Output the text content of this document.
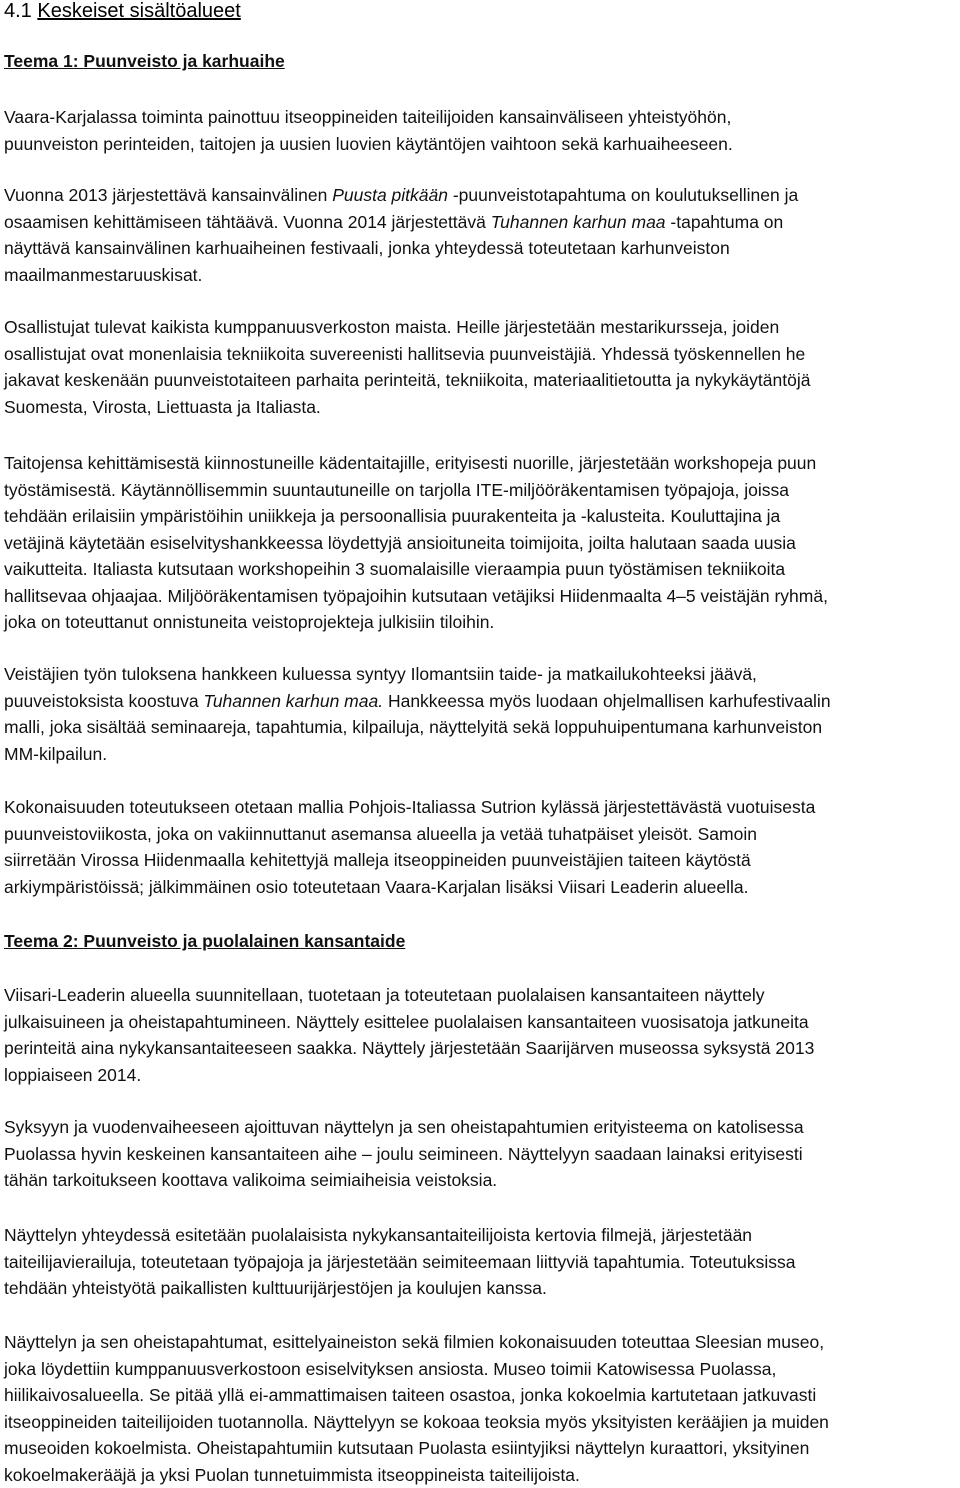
4.1 Keskeiset sisältöalueet
Teema 1: Puunveisto ja karhuaihe
Vaara-Karjalassa toiminta painottuu itseoppineiden taiteilijoiden kansainväliseen yhteistyöhön,
puunveiston perinteiden, taitojen ja uusien luovien käytäntöjen vaihtoon sekä karhuaiheeseen.
Vuonna 2013 järjestettävä kansainvälinen Puusta pitkään -puunveistotapahtuma on koulutuksellinen ja
osaamisen kehittämiseen tähtäävä. Vuonna 2014 järjestettävä Tuhannen karhun maa -tapahtuma on
näyttävä kansainvälinen karhuaiheinen festivaali, jonka yhteydessä toteutetaan karhunveiston
maailmanmestaruuskisat.
Osallistujat tulevat kaikista kumppanuusverkoston maista. Heille järjestetään mestarikursseja, joiden
osallistujat ovat monenlaisia tekniikoita suvereenisti hallitsevia puunveistäjiä. Yhdessä työskennellen he
jakavat keskenään puunveistotaiteen parhaita perinteitä, tekniikoita, materiaalitietoutta ja nykykäytäntöjä
Suomesta, Virosta, Liettuasta ja Italiasta.
Taitojensa kehittämisestä kiinnostuneille kädentaitajille, erityisesti nuorille, järjestetään workshopeja puun
työstämisestä. Käytännöllisemmin suuntautuneille on tarjolla ITE-miljööräkentamisen työpajoja, joissa
tehdään erilaisiin ympäristöihin uniikkeja ja persoonallisia puurakenteita ja -kalusteita. Kouluttajina ja
vetäjinä käytetään esiselvityshankkeessa löydettyjä ansioituneita toimijoita, joilta halutaan saada uusia
vaikutteita. Italiasta kutsutaan workshopeihin 3 suomalaisille vieraampia puun työstämisen tekniikoita
hallitsevaa ohjaajaa. Miljööräkentamisen työpajoihin kutsutaan vetäjiksi Hiidenmaalta 4–5 veistäjän ryhmä,
joka on toteuttanut onnistuneita veistoprojekteja julkisiin tiloihin.
Veistäjien työn tuloksena hankkeen kuluessa syntyy Ilomantsiin taide- ja matkailukohteeksi jäävä,
puuveistoksista koostuva Tuhannen karhun maa. Hankkeessa myös luodaan ohjelmallisen karhufestivaalin
malli, joka sisältää seminaareja, tapahtumia, kilpailuja, näyttelyitä sekä loppuhuipentumana karhunveiston
MM-kilpailun.
Kokonaisuuden toteutukseen otetaan mallia Pohjois-Italiassa Sutrion kylässä järjestettävästä vuotuisesta
puunveistoviikosta, joka on vakiinnuttanut asemansa alueella ja vetää tuhatpäiset yleisöt. Samoin
siirretään Virossa Hiidenmaalla kehitettyjä malleja itseoppineiden puunveistäjien taiteen käytöstä
arkiympäristöissä; jälkimmäinen osio toteutetaan Vaara-Karjalan lisäksi Viisari Leaderin alueella.
Teema 2: Puunveisto ja puolalainen kansantaide
Viisari-Leaderin alueella suunnitellaan, tuotetaan ja toteutetaan puolalaisen kansantaiteen näyttely
julkaisuineen ja oheistapahtumineen. Näyttely esittelee puolalaisen kansantaiteen vuosisatoja jatkuneita
perinteitä aina nykykansantaiteeseen saakka. Näyttely järjestetään Saarijärven museossa syksystä 2013
loppiaiseen 2014.
Syksyyn ja vuodenvaiheeseen ajoittuvan näyttelyn ja sen oheistapahtumien erityisteema on katolisessa
Puolassa hyvin keskeinen kansantaiteen aihe – joulu seimineen. Näyttelyyn saadaan lainaksi erityisesti
tähän tarkoitukseen koottava valikoima seimiaiheisia veistoksia.
Näyttelyn yhteydessä esitetään puolalaisista nykykansantaiteilijoista kertovia filmejä, järjestetään
taiteilijavierailuja, toteutetaan työpajoja ja järjestetään seimiteemaan liittyviä tapahtumia. Toteutuksissa
tehdään yhteistyötä paikallisten kulttuurijärjestöjen ja koulujen kanssa.
Näyttelyn ja sen oheistapahtumat, esittelyaineiston sekä filmien kokonaisuuden toteuttaa Sleesian museo,
joka löydettiin kumppanuusverkostoon esiselvityksen ansiosta. Museo toimii Katowisessa Puolassa,
hiilikaivosalueella. Se pitää yllä ei-ammattimaisen taiteen osastoa, jonka kokoelmia kartutetaan jatkuvasti
itseoppineiden taiteilijoiden tuotannolla. Näyttelyyn se kokoaa teoksia myös yksityisten kerääjien ja muiden
museoiden kokoelmista. Oheistapahtumiin kutsutaan Puolasta esiintyjiksi näyttelyn kuraattori, yksityinen
kokoelmakerääjä ja yksi Puolan tunnetuimmista itseoppineista taiteilijoista.
